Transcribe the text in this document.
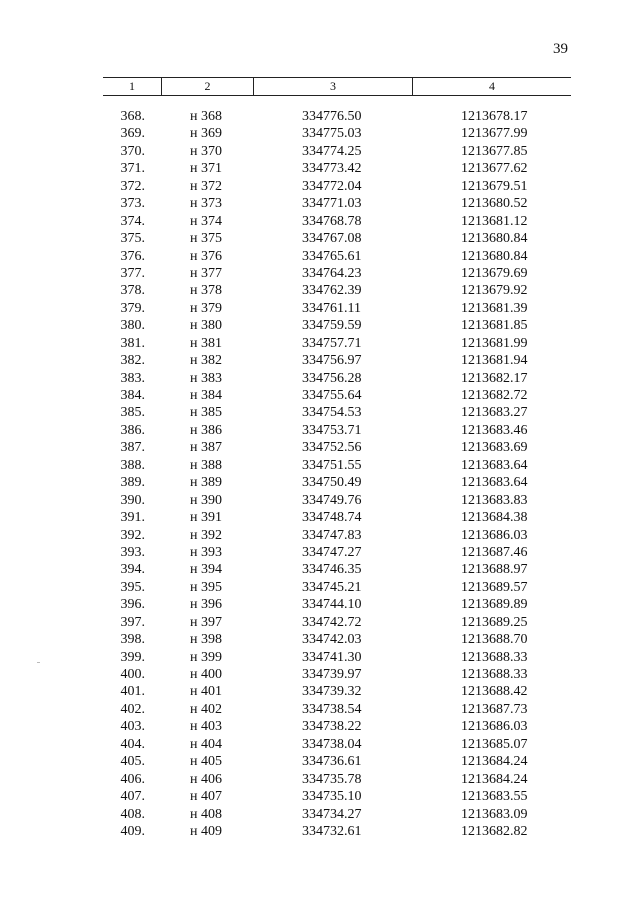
39
1	2	3	4
368.	н 368	334776.50	1213678.17
369.	н 369	334775.03	1213677.99
370.	н 370	334774.25	1213677.85
371.	н 371	334773.42	1213677.62
372.	н 372	334772.04	1213679.51
373.	н 373	334771.03	1213680.52
374.	н 374	334768.78	1213681.12
375.	н 375	334767.08	1213680.84
376.	н 376	334765.61	1213680.84
377.	н 377	334764.23	1213679.69
378.	н 378	334762.39	1213679.92
379.	н 379	334761.11	1213681.39
380.	н 380	334759.59	1213681.85
381.	н 381	334757.71	1213681.99
382.	н 382	334756.97	1213681.94
383.	н 383	334756.28	1213682.17
384.	н 384	334755.64	1213682.72
385.	н 385	334754.53	1213683.27
386.	н 386	334753.71	1213683.46
387.	н 387	334752.56	1213683.69
388.	н 388	334751.55	1213683.64
389.	н 389	334750.49	1213683.64
390.	н 390	334749.76	1213683.83
391.	н 391	334748.74	1213684.38
392.	н 392	334747.83	1213686.03
393.	н 393	334747.27	1213687.46
394.	н 394	334746.35	1213688.97
395.	н 395	334745.21	1213689.57
396.	н 396	334744.10	1213689.89
397.	н 397	334742.72	1213689.25
398.	н 398	334742.03	1213688.70
399.	н 399	334741.30	1213688.33
400.	н 400	334739.97	1213688.33
401.	н 401	334739.32	1213688.42
402.	н 402	334738.54	1213687.73
403.	н 403	334738.22	1213686.03
404.	н 404	334738.04	1213685.07
405.	н 405	334736.61	1213684.24
406.	н 406	334735.78	1213684.24
407.	н 407	334735.10	1213683.55
408.	н 408	334734.27	1213683.09
409.	н 409	334732.61	1213682.82
